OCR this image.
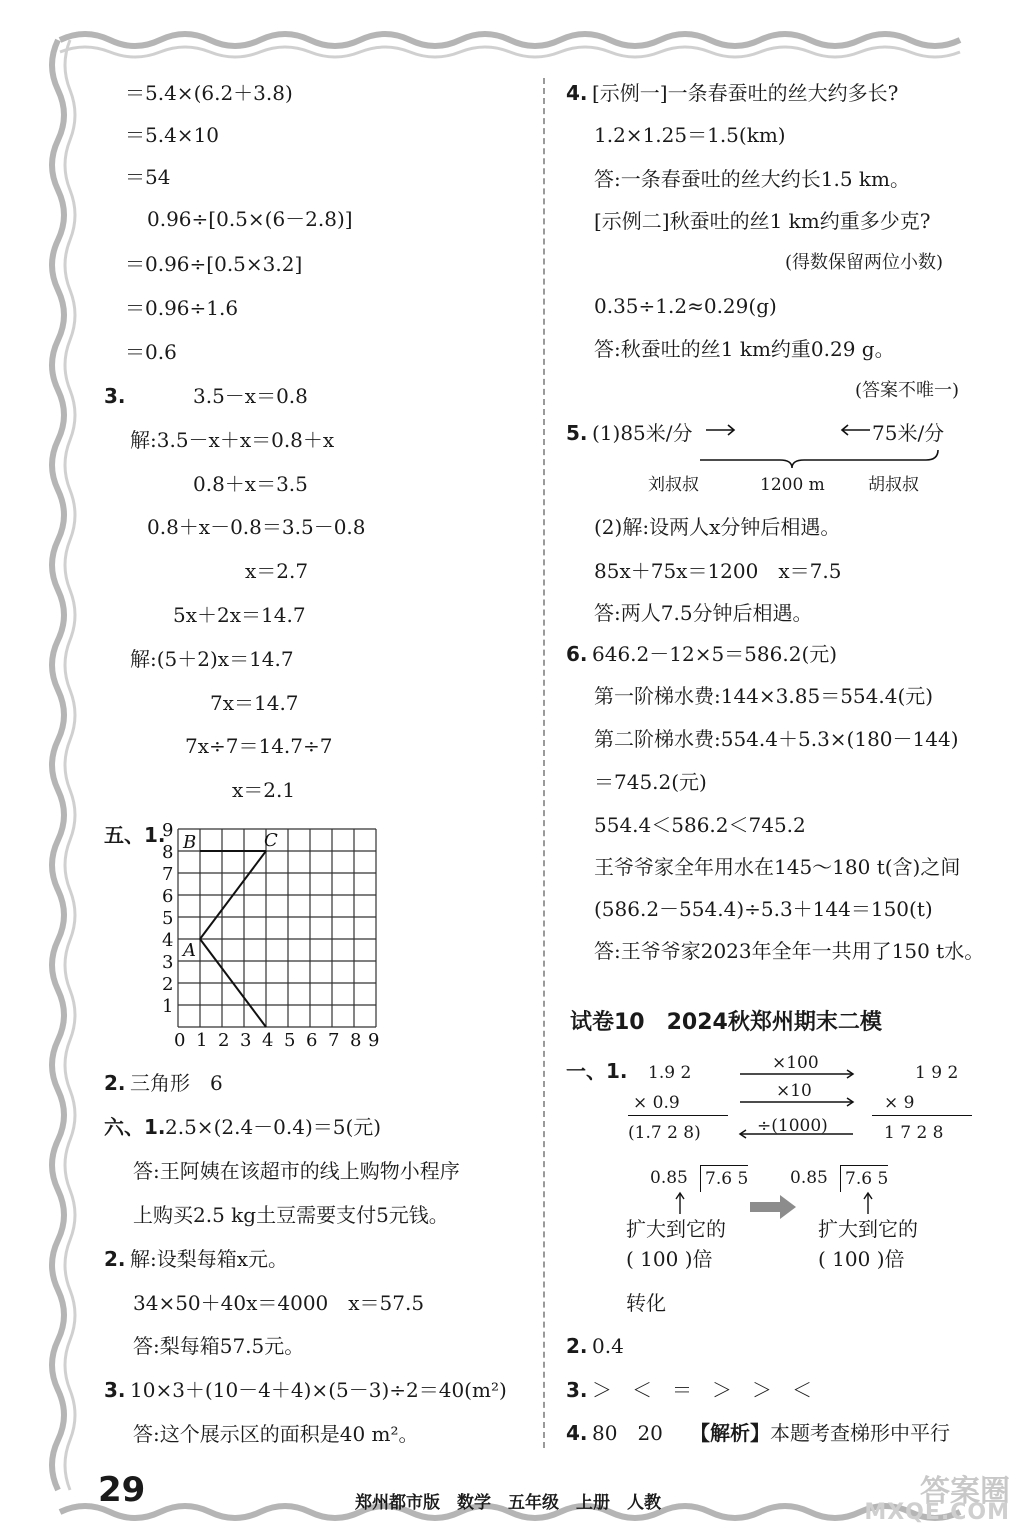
＝5.4×(6.2＋3.8)
＝5.4×10
＝54
0.96÷[0.5×(6－2.8)]
＝0.96÷[0.5×3.2]
＝0.96÷1.6
＝0.6
3.	3.5－x＝0.8
解:3.5－x＋x＝0.8＋x
0.8＋x＝3.5
0.8＋x－0.8＝3.5－0.8
x＝2.7
5x＋2x＝14.7
解:(5＋2)x＝14.7
7x＝14.7
7x÷7＝14.7÷7
x＝2.1
五、1.
9
8
7
6
5
4
3
2
1
0 1 2 3 4 5 6 7 8 9
B	C
A
2. 三角形　6
六、1. 2.5×(2.4－0.4)＝5(元)
答:王阿姨在该超市的线上购物小程序
上购买2.5 kg土豆需要支付5元钱。
2. 解:设梨每箱x元。
34×50＋40x＝4000　x＝57.5
答:梨每箱57.5元。
3. 10×3＋(10－4＋4)×(5－3)÷2＝40(m²)
答:这个展示区的面积是40 m²。
4. [示例一]一条春蚕吐的丝大约多长?
1.2×1.25＝1.5(km)
答:一条春蚕吐的丝大约长1.5 km。
[示例二]秋蚕吐的丝1 km约重多少克?
(得数保留两位小数)
0.35÷1.2≈0.29(g)
答:秋蚕吐的丝1 km约重0.29 g。
(答案不唯一)
5. (1)85米/分	75米/分
刘叔叔	1200 m	胡叔叔
(2)解:设两人x分钟后相遇。
85x＋75x＝1200　x＝7.5
答:两人7.5分钟后相遇。
6. 646.2－12×5＝586.2(元)
第一阶梯水费:144×3.85＝554.4(元)
第二阶梯水费:554.4＋5.3×(180－144)
＝745.2(元)
554.4＜586.2＜745.2
王爷爷家全年用水在145～180 t(含)之间
(586.2－554.4)÷5.3＋144＝150(t)
答:王爷爷家2023年全年一共用了150 t水。
试卷10　2024秋郑州期末二模
一、1. 1.9 2
× 0.9
(1.7 2 8)
×100
×10
÷(1000)
1 9 2
× 9
1 7 2 8
0.85 7.6 5 0.85 7.6 5
扩大到它的
( 100 )倍
扩大到它的
( 100 )倍
转化
2. 0.4
3. ＞　＜　＝　＞　＞　＜
4. 80　20 【解析】 本题考查梯形中平行
29	郑州都市版　数学　五年级　上册　人教	答案圈
MXQE.COM
